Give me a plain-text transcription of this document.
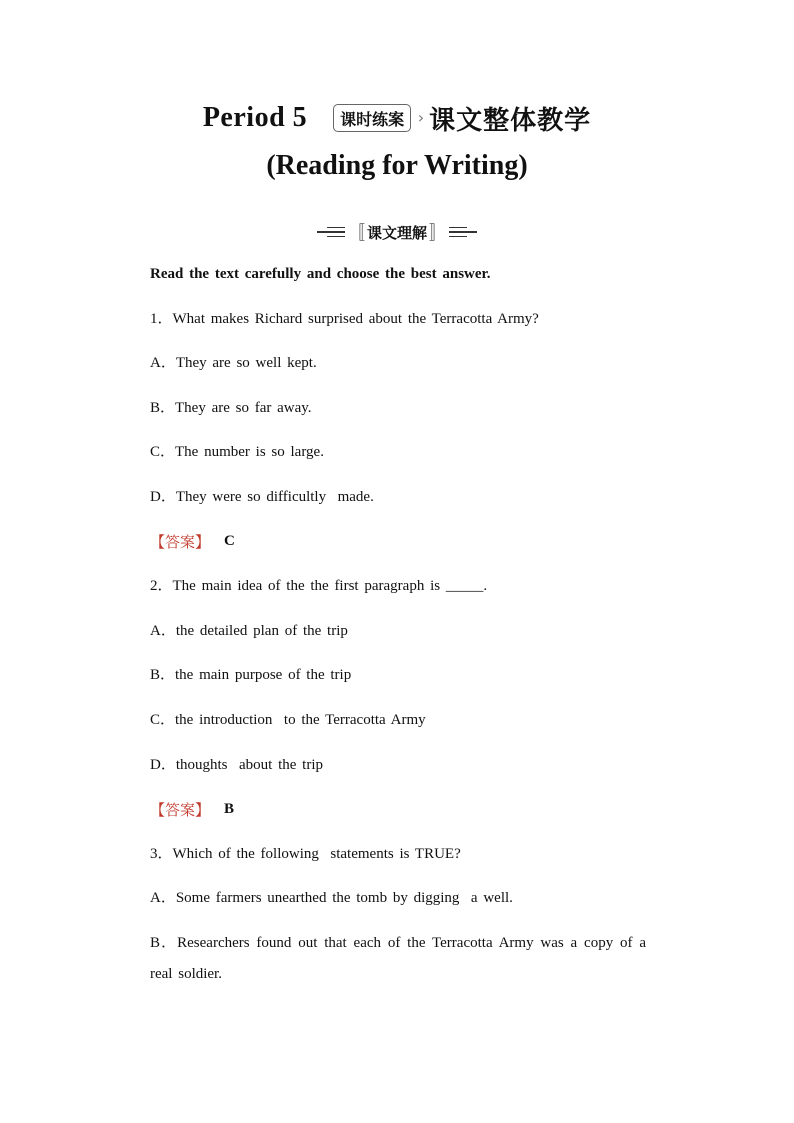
Period 5 课时练案 › 课文整体教学
(Reading for Writing)
〚 课文理解 〛
Read the text carefully and choose the best answer.
1．What makes Richard surprised about the Terracotta Army?
A．They are so well kept.
B．They are so far away.
C．The number is so large.
D．They were so difficultly  made.
【答案】 C
2．The main idea of the the first paragraph is _____.
A．the detailed plan of the trip
B．the main purpose of the trip
C．the introduction  to the Terracotta Army
D．thoughts  about the trip
【答案】 B
3．Which of the following  statements is TRUE?
A．Some farmers unearthed the tomb by digging  a well.
B．Researchers found out that each of the Terracotta Army was a copy of a real soldier.
